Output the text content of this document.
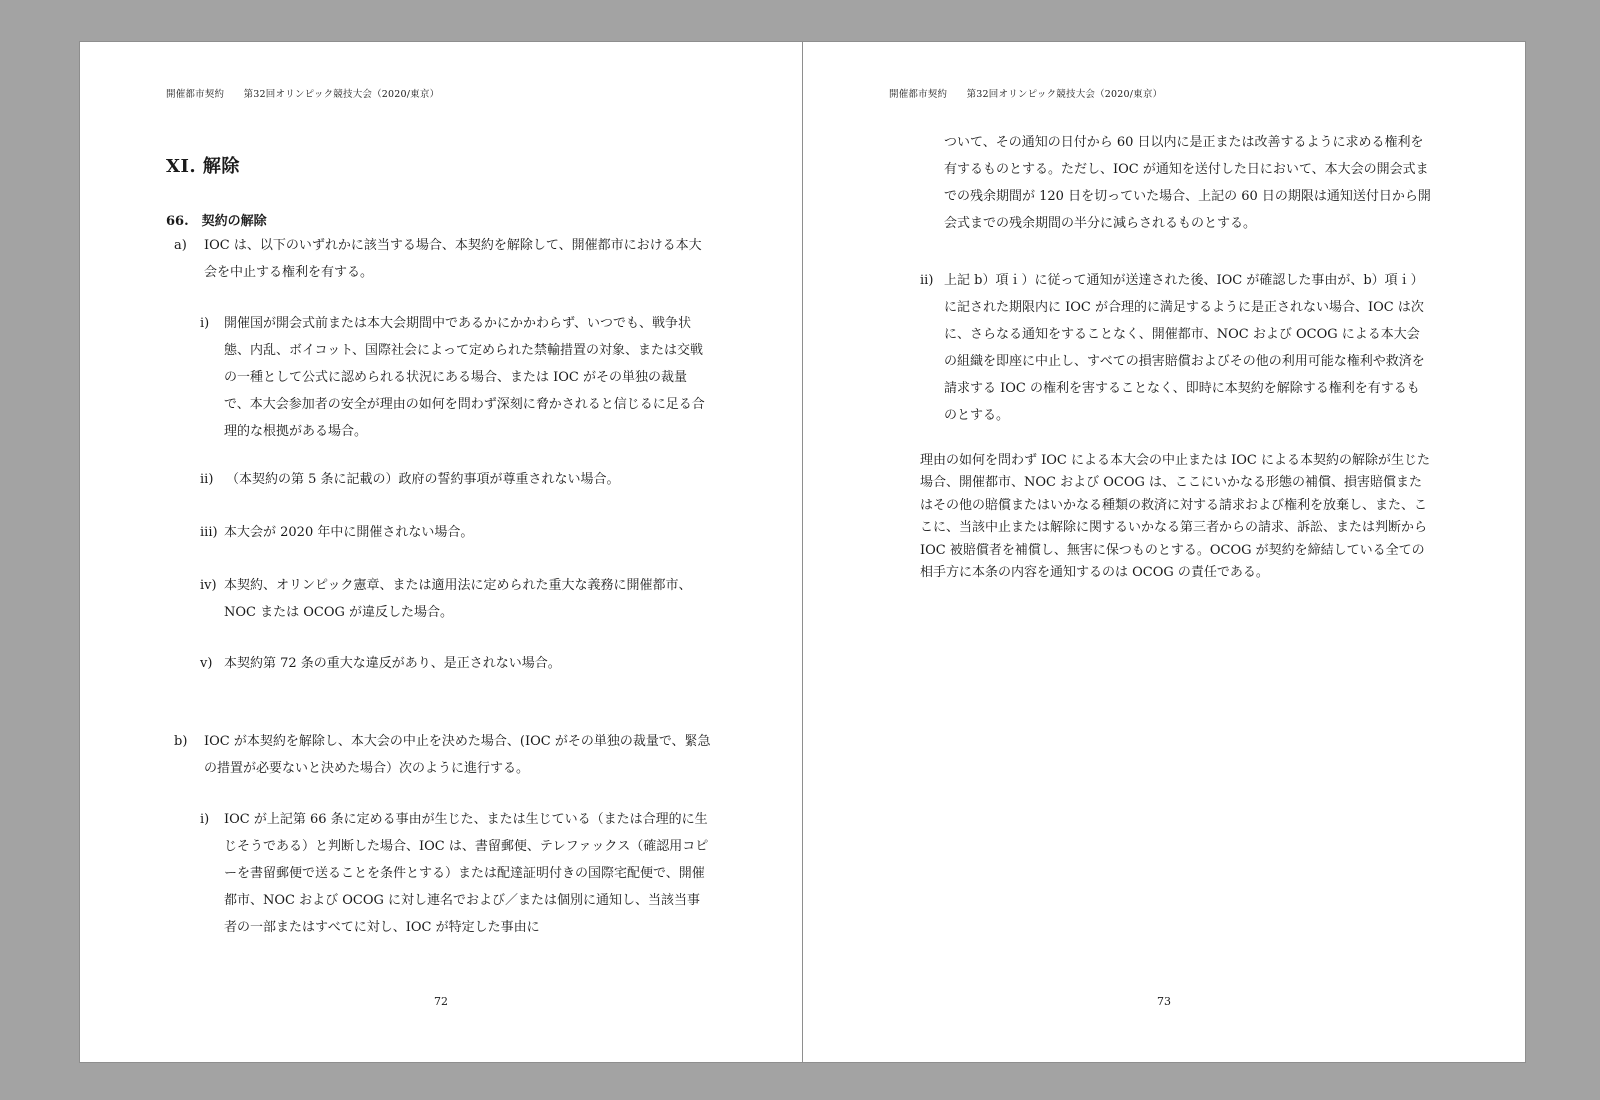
開催都市契約　　第32回オリンピック競技大会（2020/東京）
XI. 解除
66.　契約の解除
a) IOC は、以下のいずれかに該当する場合、本契約を解除して、開催都市における本大会を中止する権利を有する。
i) 開催国が開会式前または本大会期間中であるかにかかわらず、いつでも、戦争状態、内乱、ボイコット、国際社会によって定められた禁輸措置の対象、または交戦の一種として公式に認められる状況にある場合、または IOC がその単独の裁量で、本大会参加者の安全が理由の如何を問わず深刻に脅かされると信じるに足る合理的な根拠がある場合。
ii) （本契約の第 5 条に記載の）政府の誓約事項が尊重されない場合。
iii) 本大会が 2020 年中に開催されない場合。
iv) 本契約、オリンピック憲章、または適用法に定められた重大な義務に開催都市、NOC または OCOG が違反した場合。
v) 本契約第 72 条の重大な違反があり、是正されない場合。
b) IOC が本契約を解除し、本大会の中止を決めた場合、(IOC がその単独の裁量で、緊急の措置が必要ないと決めた場合）次のように進行する。
i) IOC が上記第 66 条に定める事由が生じた、または生じている（または合理的に生じそうである）と判断した場合、IOC は、書留郵便、テレファックス（確認用コピーを書留郵便で送ることを条件とする）または配達証明付きの国際宅配便で、開催都市、NOC および OCOG に対し連名でおよび／または個別に通知し、当該当事者の一部またはすべてに対し、IOC が特定した事由に
72
開催都市契約　　第32回オリンピック競技大会（2020/東京）
ついて、その通知の日付から 60 日以内に是正または改善するように求める権利を有するものとする。ただし、IOC が通知を送付した日において、本大会の開会式までの残余期間が 120 日を切っていた場合、上記の 60 日の期限は通知送付日から開会式までの残余期間の半分に減らされるものとする。
ii) 上記 b）項ｉ）に従って通知が送達された後、IOC が確認した事由が、b）項ｉ）に記された期限内に IOC が合理的に満足するように是正されない場合、IOC は次に、さらなる通知をすることなく、開催都市、NOC および OCOG による本大会の組織を即座に中止し、すべての損害賠償およびその他の利用可能な権利や救済を請求する IOC の権利を害することなく、即時に本契約を解除する権利を有するものとする。
理由の如何を問わず IOC による本大会の中止または IOC による本契約の解除が生じた場合、開催都市、NOC および OCOG は、ここにいかなる形態の補償、損害賠償またはその他の賠償またはいかなる種類の救済に対する請求および権利を放棄し、また、ここに、当該中止または解除に関するいかなる第三者からの請求、訴訟、または判断から IOC 被賠償者を補償し、無害に保つものとする。OCOG が契約を締結している全ての相手方に本条の内容を通知するのは OCOG の責任である。
73
